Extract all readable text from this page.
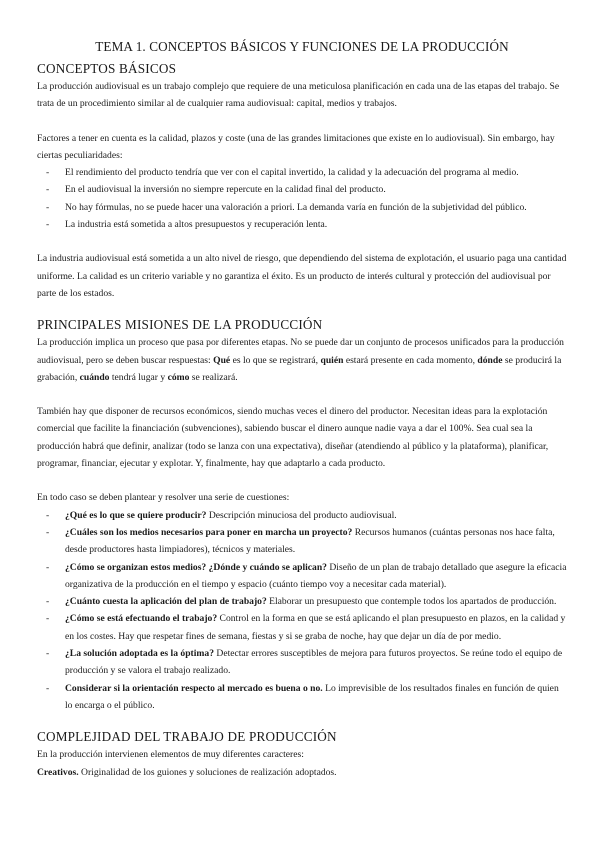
TEMA 1. CONCEPTOS BÁSICOS Y FUNCIONES DE LA PRODUCCIÓN
CONCEPTOS BÁSICOS

La producción audiovisual es un trabajo complejo que requiere de una meticulosa planificación en cada una de las etapas del trabajo. Se trata de un procedimiento similar al de cualquier rama audiovisual: capital, medios y trabajos.

Factores a tener en cuenta es la calidad, plazos y coste (una de las grandes limitaciones que existe en lo audiovisual). Sin embargo, hay ciertas peculiaridades:

- El rendimiento del producto tendría que ver con el capital invertido, la calidad y la adecuación del programa al medio.
- En el audiovisual la inversión no siempre repercute en la calidad final del producto.
- No hay fórmulas, no se puede hacer una valoración a priori. La demanda varía en función de la subjetividad del público.
- La industria está sometida a altos presupuestos y recuperación lenta.

La industria audiovisual está sometida a un alto nivel de riesgo, que dependiendo del sistema de explotación, el usuario paga una cantidad uniforme. La calidad es un criterio variable y no garantiza el éxito. Es un producto de interés cultural y protección del audiovisual por parte de los estados.

PRINCIPALES MISIONES DE LA PRODUCCIÓN

La producción implica un proceso que pasa por diferentes etapas. No se puede dar un conjunto de procesos unificados para la producción audiovisual, pero se deben buscar respuestas: Qué es lo que se registrará, quién estará presente en cada momento, dónde se producirá la grabación, cuándo tendrá lugar y cómo se realizará.

También hay que disponer de recursos económicos, siendo muchas veces el dinero del productor. Necesitan ideas para la explotación comercial que facilite la financiación (subvenciones), sabiendo buscar el dinero aunque nadie vaya a dar el 100%. Sea cual sea la producción habrá que definir, analizar (todo se lanza con una expectativa), diseñar (atendiendo al público y la plataforma), planificar, programar, financiar, ejecutar y explotar. Y, finalmente, hay que adaptarlo a cada producto.

En todo caso se deben plantear y resolver una serie de cuestiones:

- ¿Qué es lo que se quiere producir? Descripción minuciosa del producto audiovisual.
- ¿Cuáles son los medios necesarios para poner en marcha un proyecto? Recursos humanos (cuántas personas nos hace falta, desde productores hasta limpiadores), técnicos y materiales.
- ¿Cómo se organizan estos medios? ¿Dónde y cuándo se aplican? Diseño de un plan de trabajo detallado que asegure la eficacia organizativa de la producción en el tiempo y espacio (cuánto tiempo voy a necesitar cada material).
- ¿Cuánto cuesta la aplicación del plan de trabajo? Elaborar un presupuesto que contemple todos los apartados de producción.
- ¿Cómo se está efectuando el trabajo? Control en la forma en que se está aplicando el plan presupuesto en plazos, en la calidad y en los costes. Hay que respetar fines de semana, fiestas y si se graba de noche, hay que dejar un día de por medio.
- ¿La solución adoptada es la óptima? Detectar errores susceptibles de mejora para futuros proyectos. Se reúne todo el equipo de producción y se valora el trabajo realizado.
- Considerar si la orientación respecto al mercado es buena o no. Lo imprevisible de los resultados finales en función de quien lo encarga o el público.
COMPLEJIDAD DEL TRABAJO DE PRODUCCIÓN

En la producción intervienen elementos de muy diferentes caracteres:

Creativos. Originalidad de los guiones y soluciones de realización adoptados.
